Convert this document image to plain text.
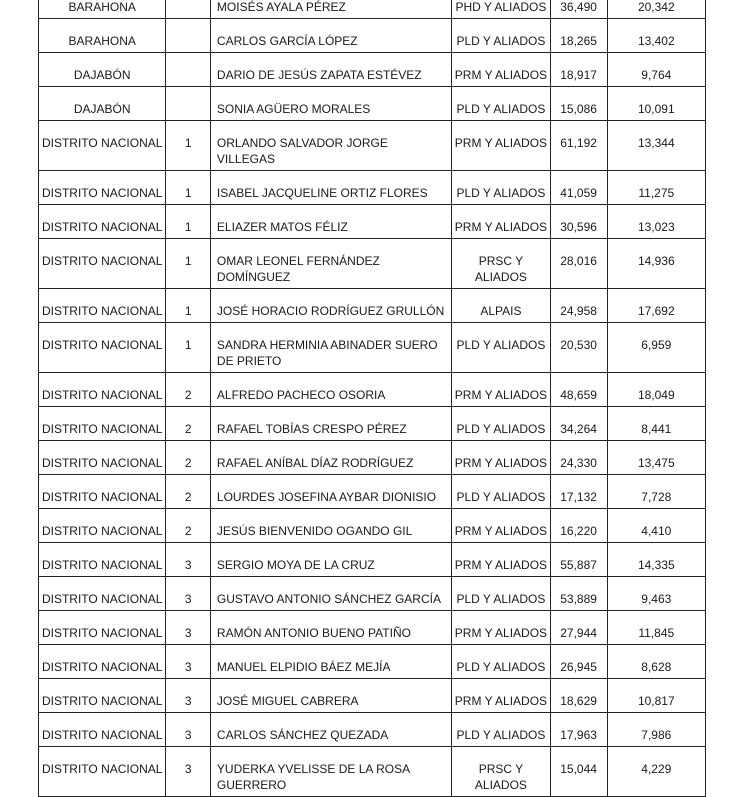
BARAHONA		MOISÉS AYALA PÉREZ	PHD Y ALIADOS	36,490	20,342
BARAHONA		CARLOS GARCÍA LÓPEZ	PLD Y ALIADOS	18,265	13,402
DAJABÓN		DARIO DE JESÚS ZAPATA ESTÉVEZ	PRM Y ALIADOS	18,917	9,764
DAJABÓN		SONIA AGÜERO MORALES	PLD Y ALIADOS	15,086	10,091
DISTRITO NACIONAL	1	ORLANDO SALVADOR JORGE VILLEGAS	PRM Y ALIADOS	61,192	13,344
DISTRITO NACIONAL	1	ISABEL JACQUELINE ORTIZ FLORES	PLD Y ALIADOS	41,059	11,275
DISTRITO NACIONAL	1	ELIAZER MATOS FÉLIZ	PRM Y ALIADOS	30,596	13,023
DISTRITO NACIONAL	1	OMAR LEONEL FERNÁNDEZ DOMÍNGUEZ	PRSC Y ALIADOS	28,016	14,936
DISTRITO NACIONAL	1	JOSÉ HORACIO RODRÍGUEZ GRULLÓN	ALPAIS	24,958	17,692
DISTRITO NACIONAL	1	SANDRA HERMINIA ABINADER SUERO DE PRIETO	PLD Y ALIADOS	20,530	6,959
DISTRITO NACIONAL	2	ALFREDO PACHECO OSORIA	PRM Y ALIADOS	48,659	18,049
DISTRITO NACIONAL	2	RAFAEL TOBÍAS CRESPO PÉREZ	PLD Y ALIADOS	34,264	8,441
DISTRITO NACIONAL	2	RAFAEL ANÍBAL DÍAZ RODRÍGUEZ	PRM Y ALIADOS	24,330	13,475
DISTRITO NACIONAL	2	LOURDES JOSEFINA AYBAR DIONISIO	PLD Y ALIADOS	17,132	7,728
DISTRITO NACIONAL	2	JESÚS BIENVENIDO OGANDO GIL	PRM Y ALIADOS	16,220	4,410
DISTRITO NACIONAL	3	SERGIO MOYA DE LA CRUZ	PRM Y ALIADOS	55,887	14,335
DISTRITO NACIONAL	3	GUSTAVO ANTONIO SÁNCHEZ GARCÍA	PLD Y ALIADOS	53,889	9,463
DISTRITO NACIONAL	3	RAMÓN ANTONIO BUENO PATIÑO	PRM Y ALIADOS	27,944	11,845
DISTRITO NACIONAL	3	MANUEL ELPIDIO BÁEZ MEJÍA	PLD Y ALIADOS	26,945	8,628
DISTRITO NACIONAL	3	JOSÉ MIGUEL CABRERA	PRM Y ALIADOS	18,629	10,817
DISTRITO NACIONAL	3	CARLOS SÁNCHEZ QUEZADA	PLD Y ALIADOS	17,963	7,986
DISTRITO NACIONAL	3	YUDERKA YVELISSE DE LA ROSA GUERRERO	PRSC Y ALIADOS	15,044	4,229
